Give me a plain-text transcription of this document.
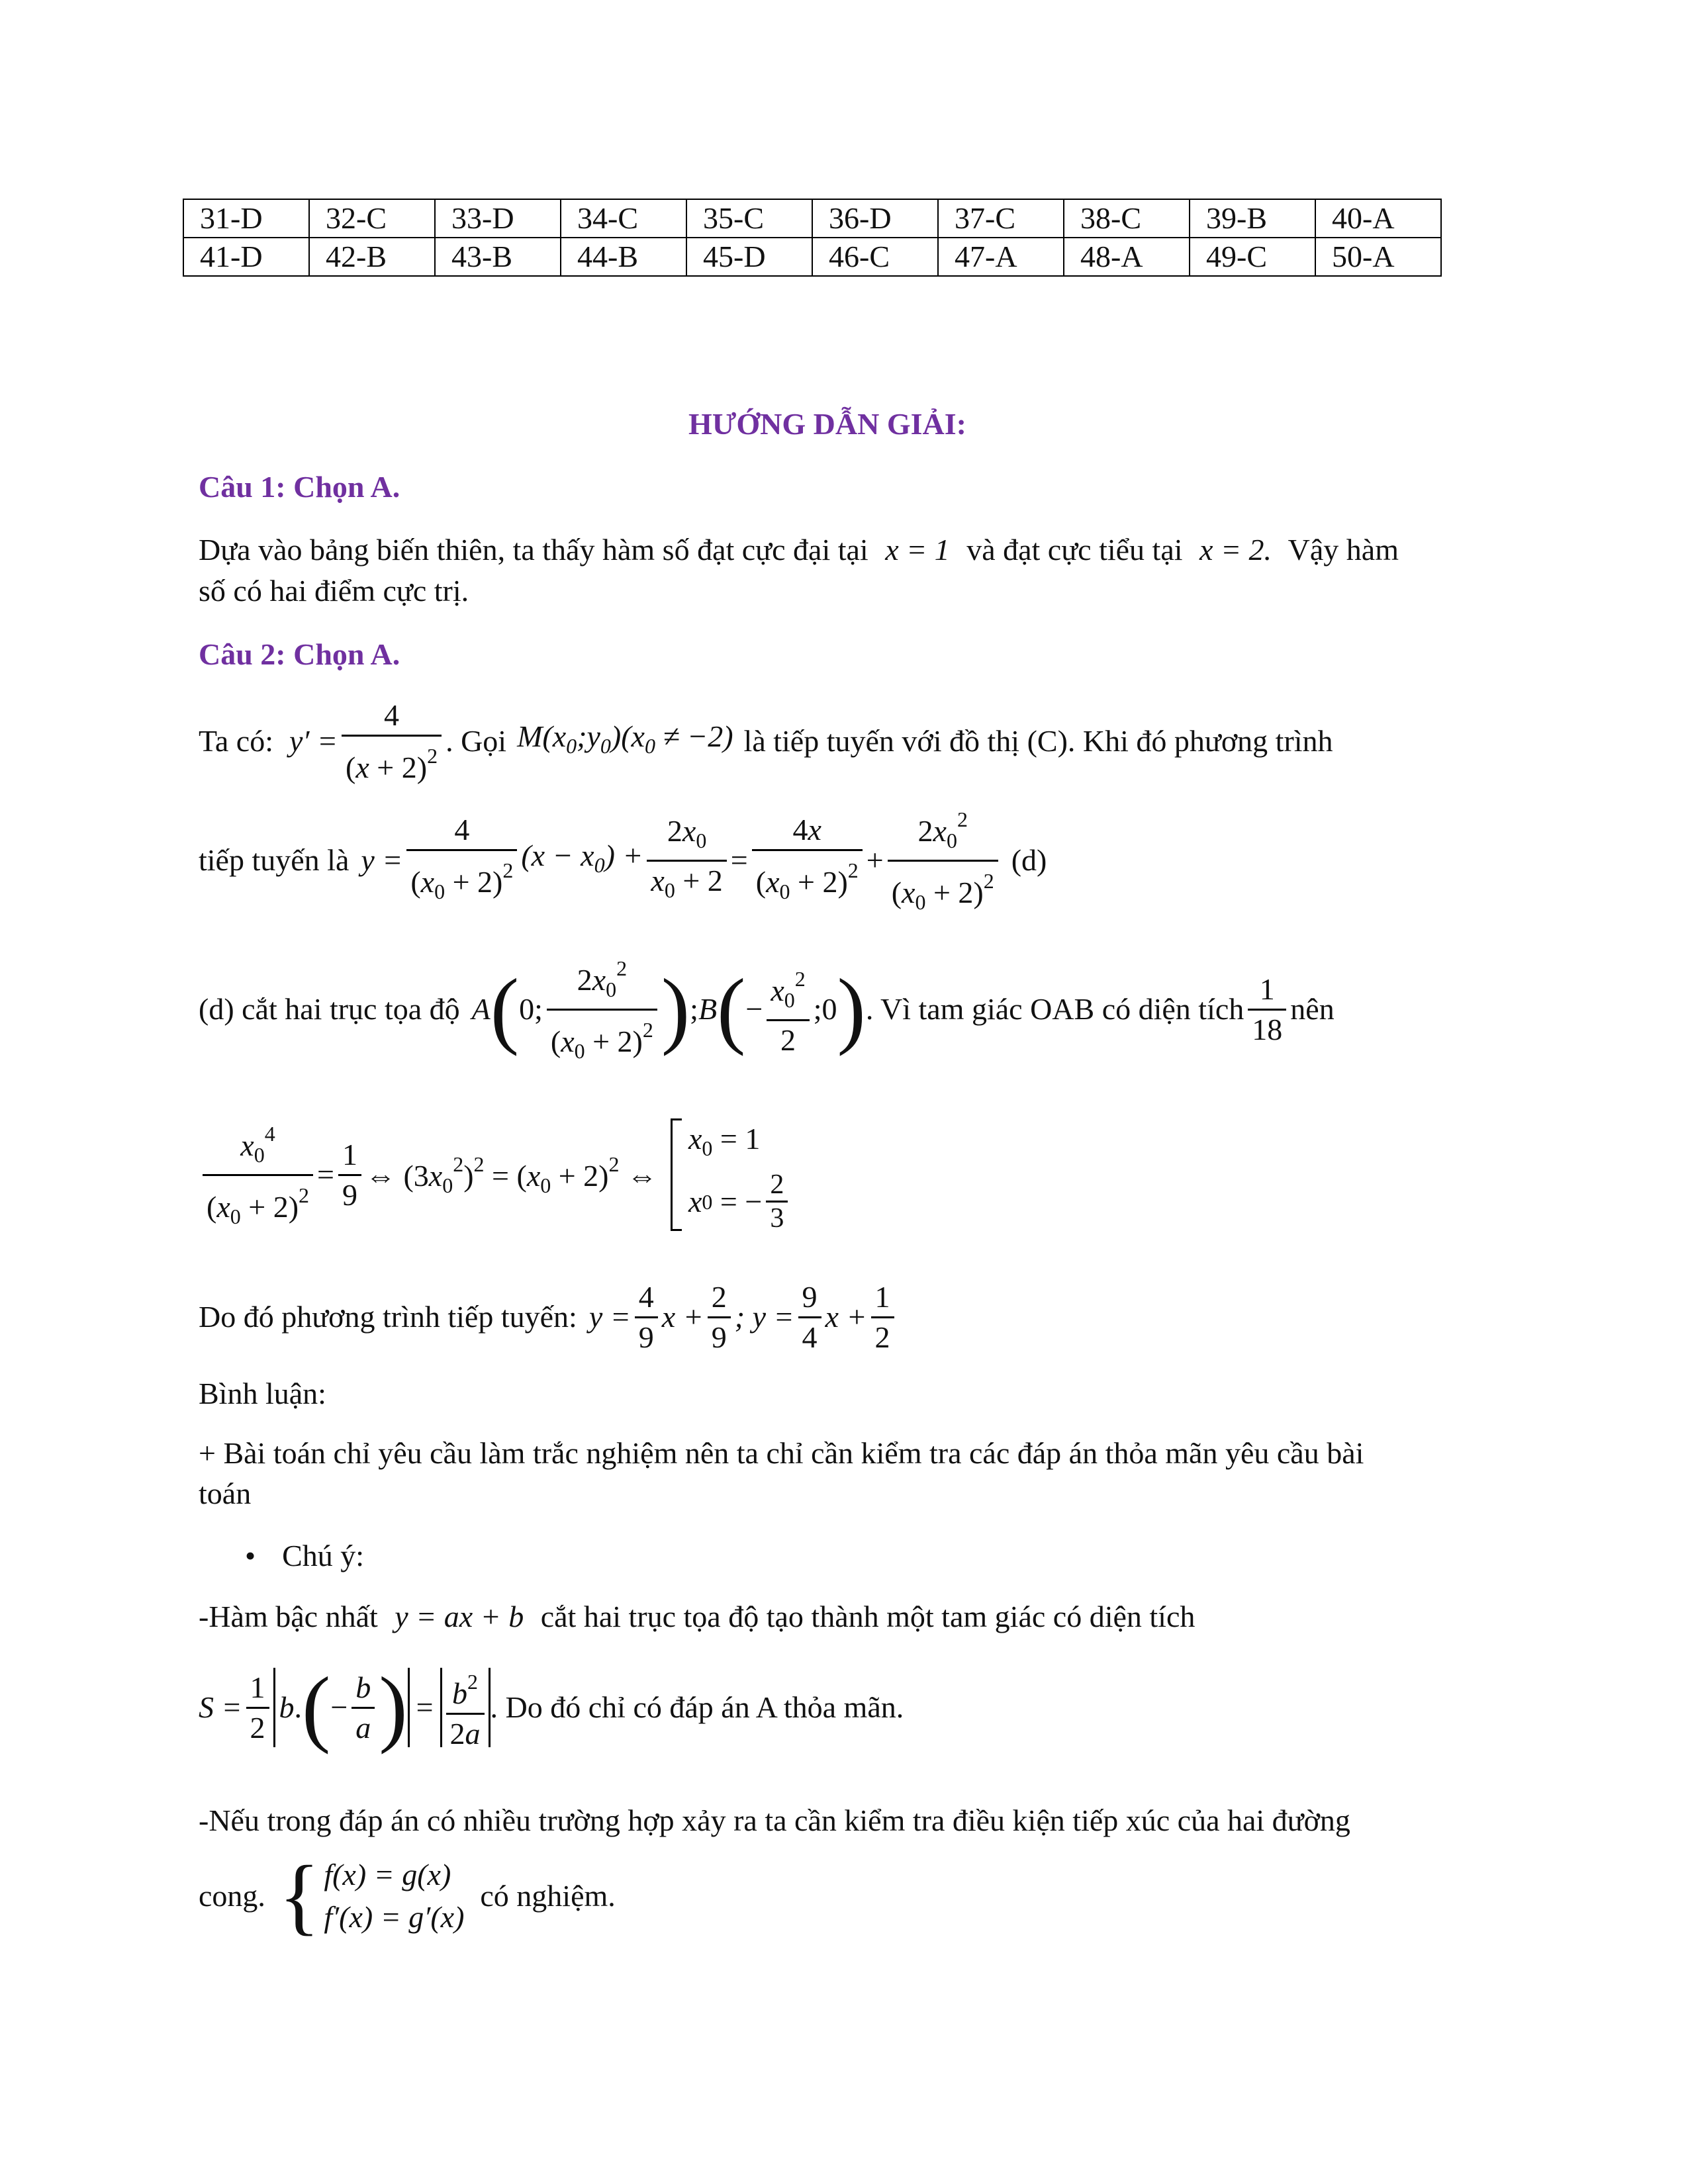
31-D	32-C	33-D	34-C	35-C	36-D	37-C	38-C	39-B	40-A
41-D	42-B	43-B	44-B	45-D	46-C	47-A	48-A	49-C	50-A
HƯỚNG DẪN GIẢI:
Câu 1: Chọn A.
Dựa vào bảng biến thiên, ta thấy hàm số đạt cực đại tại x = 1 và đạt cực tiểu tại x = 2. Vậy hàm
số có hai điểm cực trị.
Câu 2: Chọn A.
Ta có: $y' = \frac{4}{(x + 2)^2}$ . Gọi $M(x_0;y_0)(x_0 \ne -2)$ là tiếp tuyến với đồ thị (C). Khi đó phương trình
tiếp tuyến là $y = \frac{4}{(x_0 + 2)^2} (x - x_0) + \frac{2x_0}{x_0 + 2} = \frac{4x}{(x_0 + 2)^2} + \frac{2x_0^2}{(x_0 + 2)^2} (d)$
(d) cắt hai trục tọa độ A ( 0; $\frac{2x_0^2}{(x_0 + 2)^2}$ ) ; B ( − $\frac{x_0^2}{2}$ ;0 ) . Vì tam giác OAB có diện tích $\frac{1}{18}$ nên
$\frac{x_0^4}{(x_0 + 2)^2} = \frac{1}{9}$ ⇔ $(3x_0^2)^2 = (x_0 + 2)^2$ ⇔
$x_0 = 1$
x 0 = − $\frac{2}{3}$
Do đó phương trình tiếp tuyến: $y = \frac{4}{9}$ $x + \frac{2}{9}$ ; $y = \frac{9}{4}$ $x + \frac{1}{2}$
Bình luận:
+ Bài toán chỉ yêu cầu làm trắc nghiệm nên ta chỉ cần kiểm tra các đáp án thỏa mãn yêu cầu bài
toán
• Chú ý:
-Hàm bậc nhất y = ax + b cắt hai trục tọa độ tạo thành một tam giác có diện tích
$S = \frac{1}{2}$ b . ( − $\frac{b}{a}$ ) = $\frac{b^2}{2a}$ . Do đó chỉ có đáp án A thỏa mãn.
-Nếu trong đáp án có nhiều trường hợp xảy ra ta cần kiểm tra điều kiện tiếp xúc của hai đường
cong. { f(x) = g(x)
f′(x) = g′(x)
có nghiệm.
